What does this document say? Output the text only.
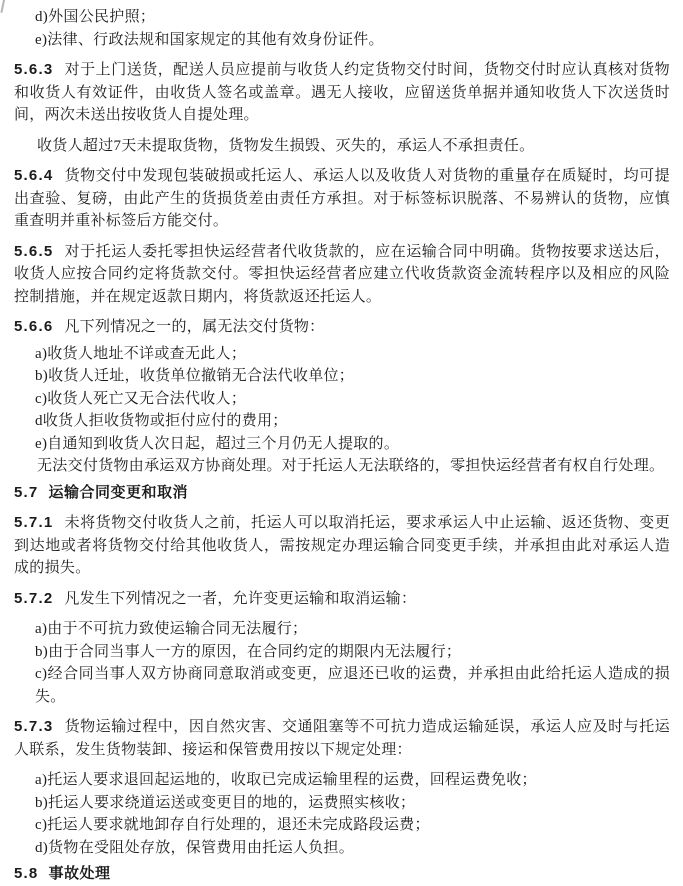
d)外国公民护照；

e)法律、行政法规和国家规定的其他有效身份证件。

5.6.3 对于上门送货，配送人员应提前与收货人约定货物交付时间，货物交付时应认真核对货物和收货人有效证件，由收货人签名或盖章。遇无人接收，应留送货单据并通知收货人下次送货时间，两次未送出按收货人自提处理。

收货人超过7天未提取货物，货物发生损毁、灭失的，承运人不承担责任。

5.6.4 货物交付中发现包装破损或托运人、承运人以及收货人对货物的重量存在质疑时，均可提出查验、复磅，由此产生的货损货差由责任方承担。对于标签标识脱落、不易辨认的货物，应慎重查明并重补标签后方能交付。

5.6.5 对于托运人委托零担快运经营者代收货款的，应在运输合同中明确。货物按要求送达后，收货人应按合同约定将货款交付。零担快运经营者应建立代收货款资金流转程序以及相应的风险控制措施，并在规定返款日期内，将货款返还托运人。

5.6.6 凡下列情况之一的，属无法交付货物：

a)收货人地址不详或查无此人；

b)收货人迁址，收货单位撤销无合法代收单位；

c)收货人死亡又无合法代收人；

d收货人拒收货物或拒付应付的费用；

e)自通知到收货人次日起，超过三个月仍无人提取的。

无法交付货物由承运双方协商处理。对于托运人无法联络的，零担快运经营者有权自行处理。

5.7 运输合同变更和取消

5.7.1 未将货物交付收货人之前，托运人可以取消托运，要求承运人中止运输、返还货物、变更到达地或者将货物交付给其他收货人，需按规定办理运输合同变更手续，并承担由此对承运人造成的损失。

5.7.2 凡发生下列情况之一者，允许变更运输和取消运输：

a)由于不可抗力致使运输合同无法履行；

b)由于合同当事人一方的原因，在合同约定的期限内无法履行；

c)经合同当事人双方协商同意取消或变更，应退还已收的运费，并承担由此给托运人造成的损失。

5.7.3 货物运输过程中，因自然灾害、交通阻塞等不可抗力造成运输延误，承运人应及时与托运人联系，发生货物装卸、接运和保管费用按以下规定处理：

a)托运人要求退回起运地的，收取已完成运输里程的运费，回程运费免收；

b)托运人要求绕道运送或变更目的地的，运费照实核收；

c)托运人要求就地卸存自行处理的，退还未完成路段运费；

d)货物在受阻处存放，保管费用由托运人负担。

5.8 事故处理
